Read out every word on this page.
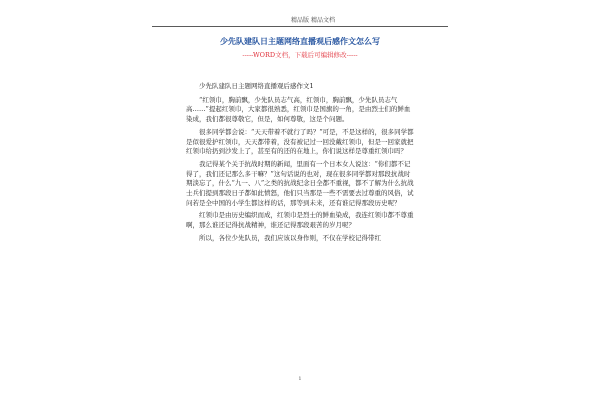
精品版 精品文档
少先队建队日主题网络直播观后感作文怎么写
-----WORD文档，下载后可编辑修改-----

少先队建队日主题网络直播观后感作文1

“红领巾，胸前飘，少先队员志气高，红领巾，胸前飘，少先队员志气高……”提起红领巾，大家都很熟悉，红领巾是国旗的一角，是由烈士们的鲜血染成，我们都很尊敬它，但是，如何尊敬，这是个问题。

很多同学都会说：“天天带着不就行了吗？”可是，不是这样的，很多同学都是似很爱护红领巾，天天都带着，没有被记过一回没戴红领巾，但是一回家就把红领巾给扔到沙发上了，甚至有的还的在地上，你们说这样是尊重红领巾吗？

我记得某个关于抗战时期的新闻，里面有一个日本女人说这：“你们都不记得了，我们还记那么多干嘛？”这句话说的也对，现在很多同学都对那段抗战时期淡忘了，什么“九一、八”之类的抗战纪念日全都不重视，都不了解为什么抗战士兵们提到那段日子都如此愤怒，他们只当那是一些不需要去过尊重的风俗，试问若是全中国的小学生都这样的话，那等到未来，还有谁记得那段历史呢？

红领巾是由历史编织而成，红领巾是烈士的鲜血染成，我连红领巾都不尊重啊，那么谁还记得抗战精神，谁还记得那段艰苦的岁月呢？

所以，各位少先队员，我们应该以身作则，不仅在学校记得带红

1
